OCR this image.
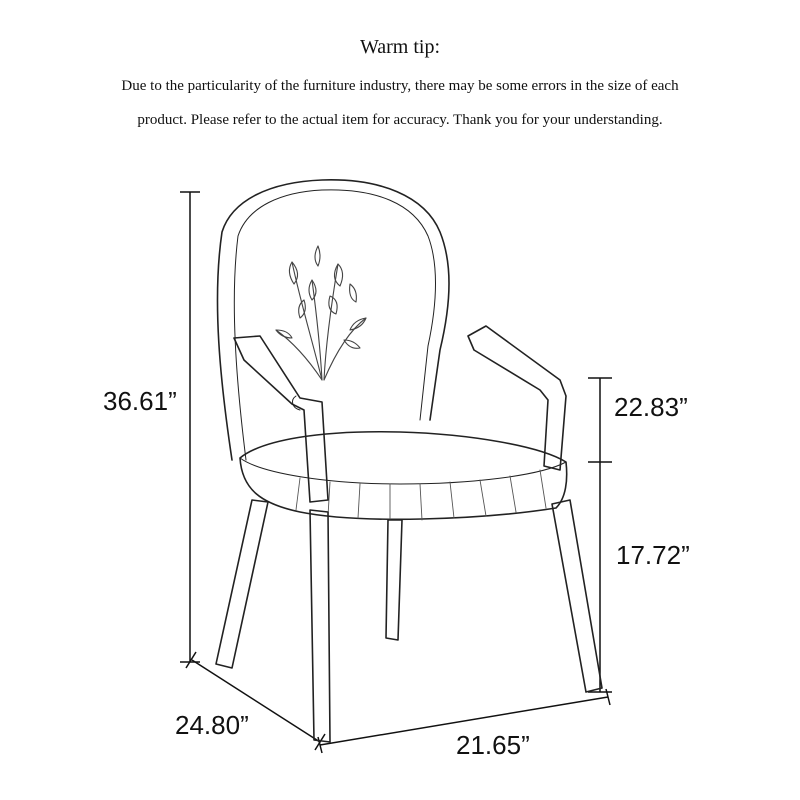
Warm tip:
Due to the particularity of the furniture industry, there may be some errors in the size of each
product. Please refer to the actual item for accuracy. Thank you for your understanding.
36.61”	22.83”
17.72”
24.80”
21.65”
